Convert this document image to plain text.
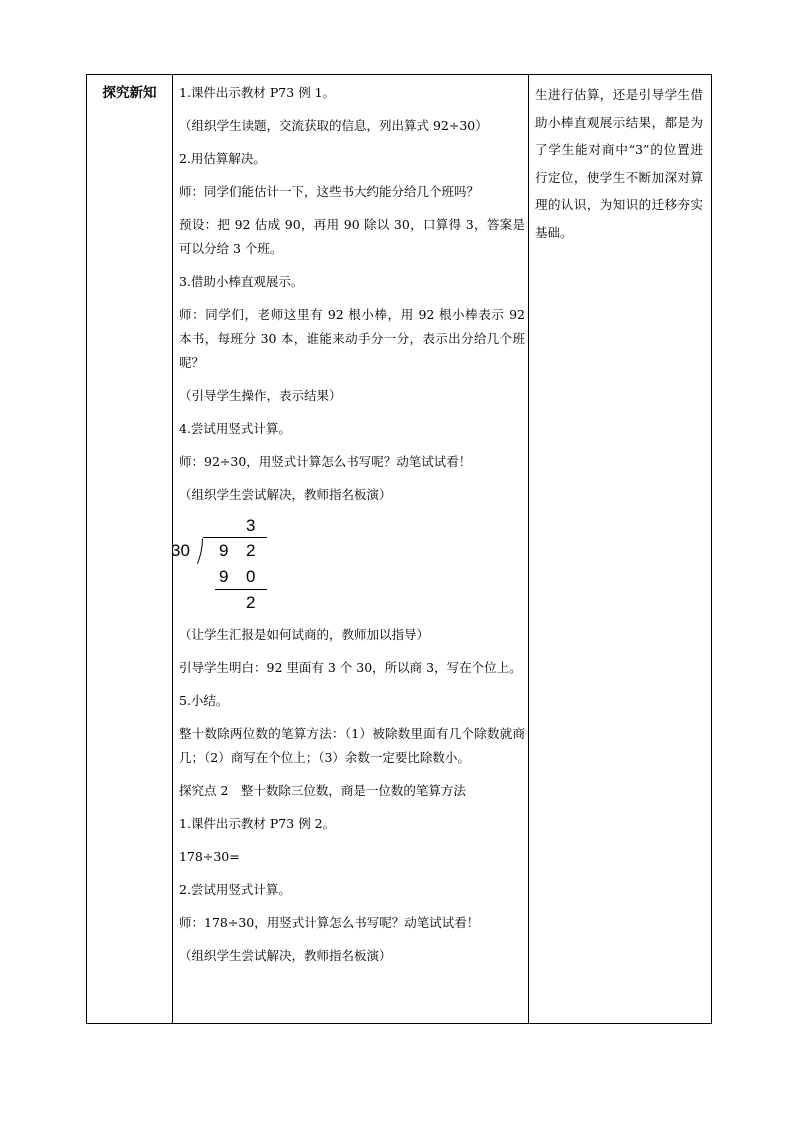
探究新知	1.课件出示教材 P73 例 1。

（组织学生读题，交流获取的信息，列出算式 92÷30）

2.用估算解决。

师：同学们能估计一下，这些书大约能分给几个班吗？

预设：把 92 估成 90，再用 90 除以 30，口算得 3，答案是可以分给 3 个班。

3.借助小棒直观展示。

师：同学们，老师这里有 92 根小棒，用 92 根小棒表示 92 本书，每班分 30 本，谁能来动手分一分，表示出分给几个班呢？

（引导学生操作，表示结果）

4.尝试用竖式计算。

师：92÷30，用竖式计算怎么书写呢？动笔试试看！

（组织学生尝试解决，教师指名板演）

3
30 9 2
9 0
2

（让学生汇报是如何试商的，教师加以指导）

引导学生明白：92 里面有 3 个 30，所以商 3，写在个位上。

5.小结。

整十数除两位数的笔算方法：（1）被除数里面有几个除数就商几；（2）商写在个位上；（3）余数一定要比除数小。

探究点 2　整十数除三位数，商是一位数的笔算方法

1.课件出示教材 P73 例 2。

178÷30=

2.尝试用竖式计算。

师：178÷30，用竖式计算怎么书写呢？动笔试试看！

（组织学生尝试解决，教师指名板演）

生进行估算，还是引导学生借助小棒直观展示结果，都是为了学生能对商中“3”的位置进行定位，使学生不断加深对算理的认识，为知识的迁移夯实基础。
